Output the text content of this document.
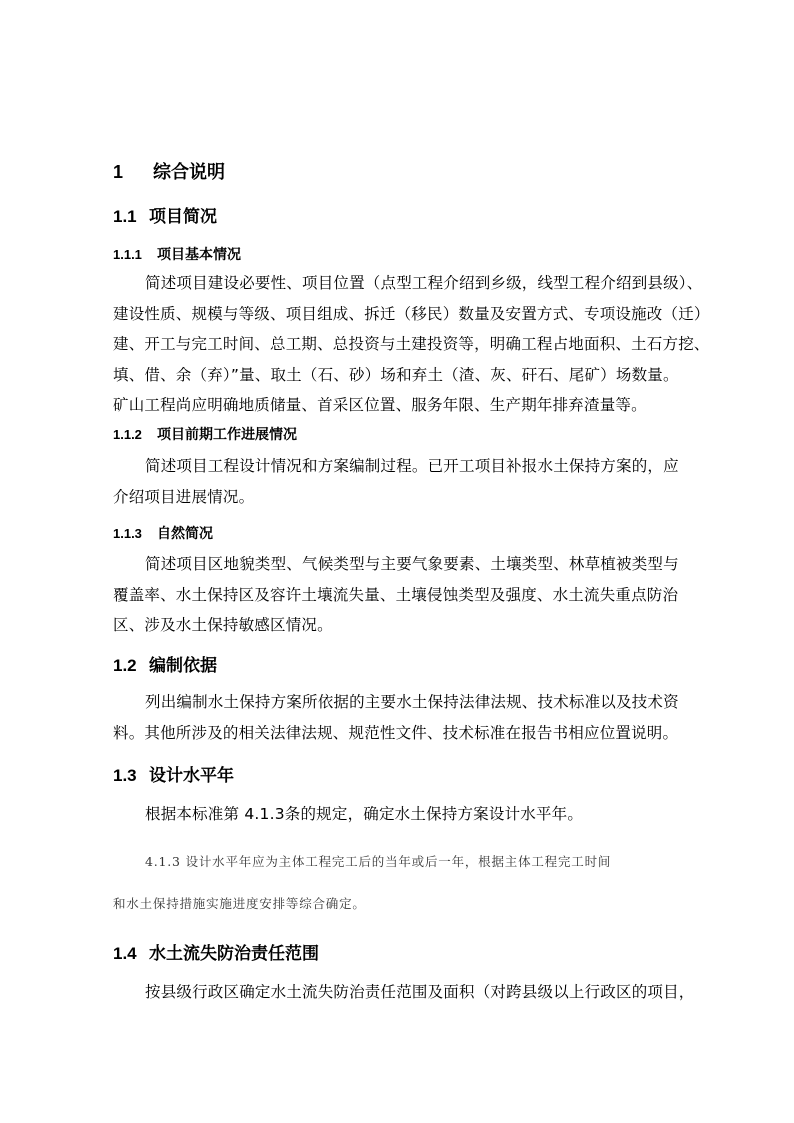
1 综合说明
1.1 项目简况
1.1.1 项目基本情况
简述项目建设必要性、项目位置（点型工程介绍到乡级，线型工程介绍到县级）、
建设性质、规模与等级、项目组成、拆迁（移民）数量及安置方式、专项设施改（迁）
建、开工与完工时间、总工期、总投资与土建投资等，明确工程占地面积、土石方挖、
填、借、余（弃）”量、取土（石、砂）场和弃土（渣、灰、矸石、尾矿）场数量。
矿山工程尚应明确地质储量、首采区位置、服务年限、生产期年排弃渣量等。
1.1.2 项目前期工作进展情况
简述项目工程设计情况和方案编制过程。已开工项目补报水土保持方案的，应
介绍项目进展情况。
1.1.3 自然简况
简述项目区地貌类型、气候类型与主要气象要素、土壤类型、林草植被类型与
覆盖率、水土保持区及容许土壤流失量、土壤侵蚀类型及强度、水土流失重点防治
区、涉及水土保持敏感区情况。
1.2 编制依据
列出编制水土保持方案所依据的主要水土保持法律法规、技术标准以及技术资
料。其他所涉及的相关法律法规、规范性文件、技术标准在报告书相应位置说明。
1.3 设计水平年
根据本标准第 4.1.3条的规定，确定水土保持方案设计水平年。
4.1.3 设计水平年应为主体工程完工后的当年或后一年，根据主体工程完工时间
和水土保持措施实施进度安排等综合确定。
1.4 水土流失防治责任范围
按县级行政区确定水土流失防治责任范围及面积（对跨县级以上行政区的项目，
